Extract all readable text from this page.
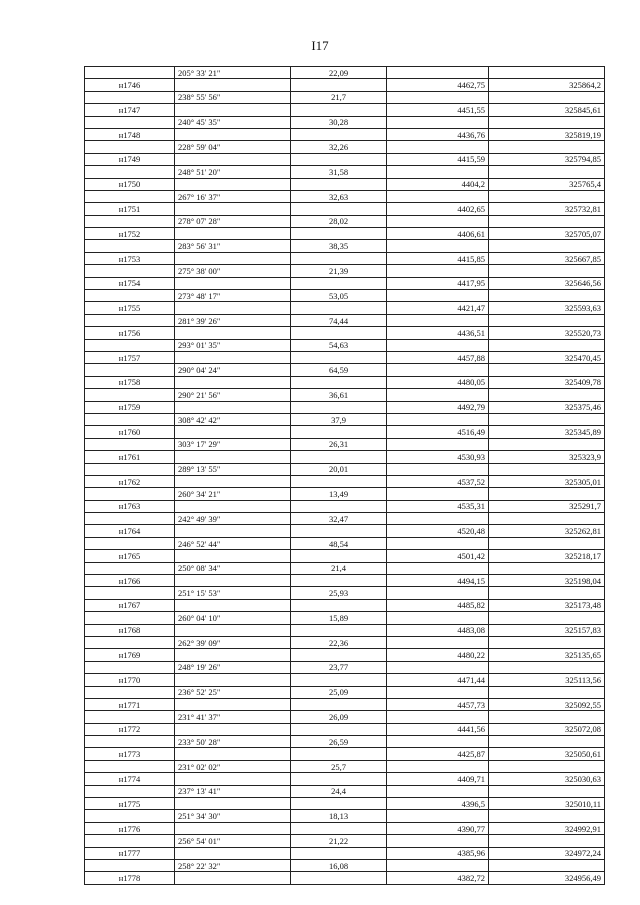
I17
	205° 33' 21"	22,09		
н1746			4462,75	325864,2
	238° 55' 56"	21,7		
н1747			4451,55	325845,61
	240° 45' 35"	30,28		
н1748			4436,76	325819,19
	228° 59' 04"	32,26		
н1749			4415,59	325794,85
	248° 51' 20"	31,58		
н1750			4404,2	325765,4
	267° 16' 37"	32,63		
н1751			4402,65	325732,81
	278° 07' 28"	28,02		
н1752			4406,61	325705,07
	283° 56' 31"	38,35		
н1753			4415,85	325667,85
	275° 38' 00"	21,39		
н1754			4417,95	325646,56
	273° 48' 17"	53,05		
н1755			4421,47	325593,63
	281° 39' 26"	74,44		
н1756			4436,51	325520,73
	293° 01' 35"	54,63		
н1757			4457,88	325470,45
	290° 04' 24"	64,59		
н1758			4480,05	325409,78
	290° 21' 56"	36,61		
н1759			4492,79	325375,46
	308° 42' 42"	37,9		
н1760			4516,49	325345,89
	303° 17' 29"	26,31		
н1761			4530,93	325323,9
	289° 13' 55"	20,01		
н1762			4537,52	325305,01
	260° 34' 21"	13,49		
н1763			4535,31	325291,7
	242° 49' 39"	32,47		
н1764			4520,48	325262,81
	246° 52' 44"	48,54		
н1765			4501,42	325218,17
	250° 08' 34"	21,4		
н1766			4494,15	325198,04
	251° 15' 53"	25,93		
н1767			4485,82	325173,48
	260° 04' 10"	15,89		
н1768			4483,08	325157,83
	262° 39' 09"	22,36		
н1769			4480,22	325135,65
	248° 19' 26"	23,77		
н1770			4471,44	325113,56
	236° 52' 25"	25,09		
н1771			4457,73	325092,55
	231° 41' 37"	26,09		
н1772			4441,56	325072,08
	233° 50' 28"	26,59		
н1773			4425,87	325050,61
	231° 02' 02"	25,7		
н1774			4409,71	325030,63
	237° 13' 41"	24,4		
н1775			4396,5	325010,11
	251° 34' 30"	18,13		
н1776			4390,77	324992,91
	256° 54' 01"	21,22		
н1777			4385,96	324972,24
	258° 22' 32"	16,08		
н1778			4382,72	324956,49
